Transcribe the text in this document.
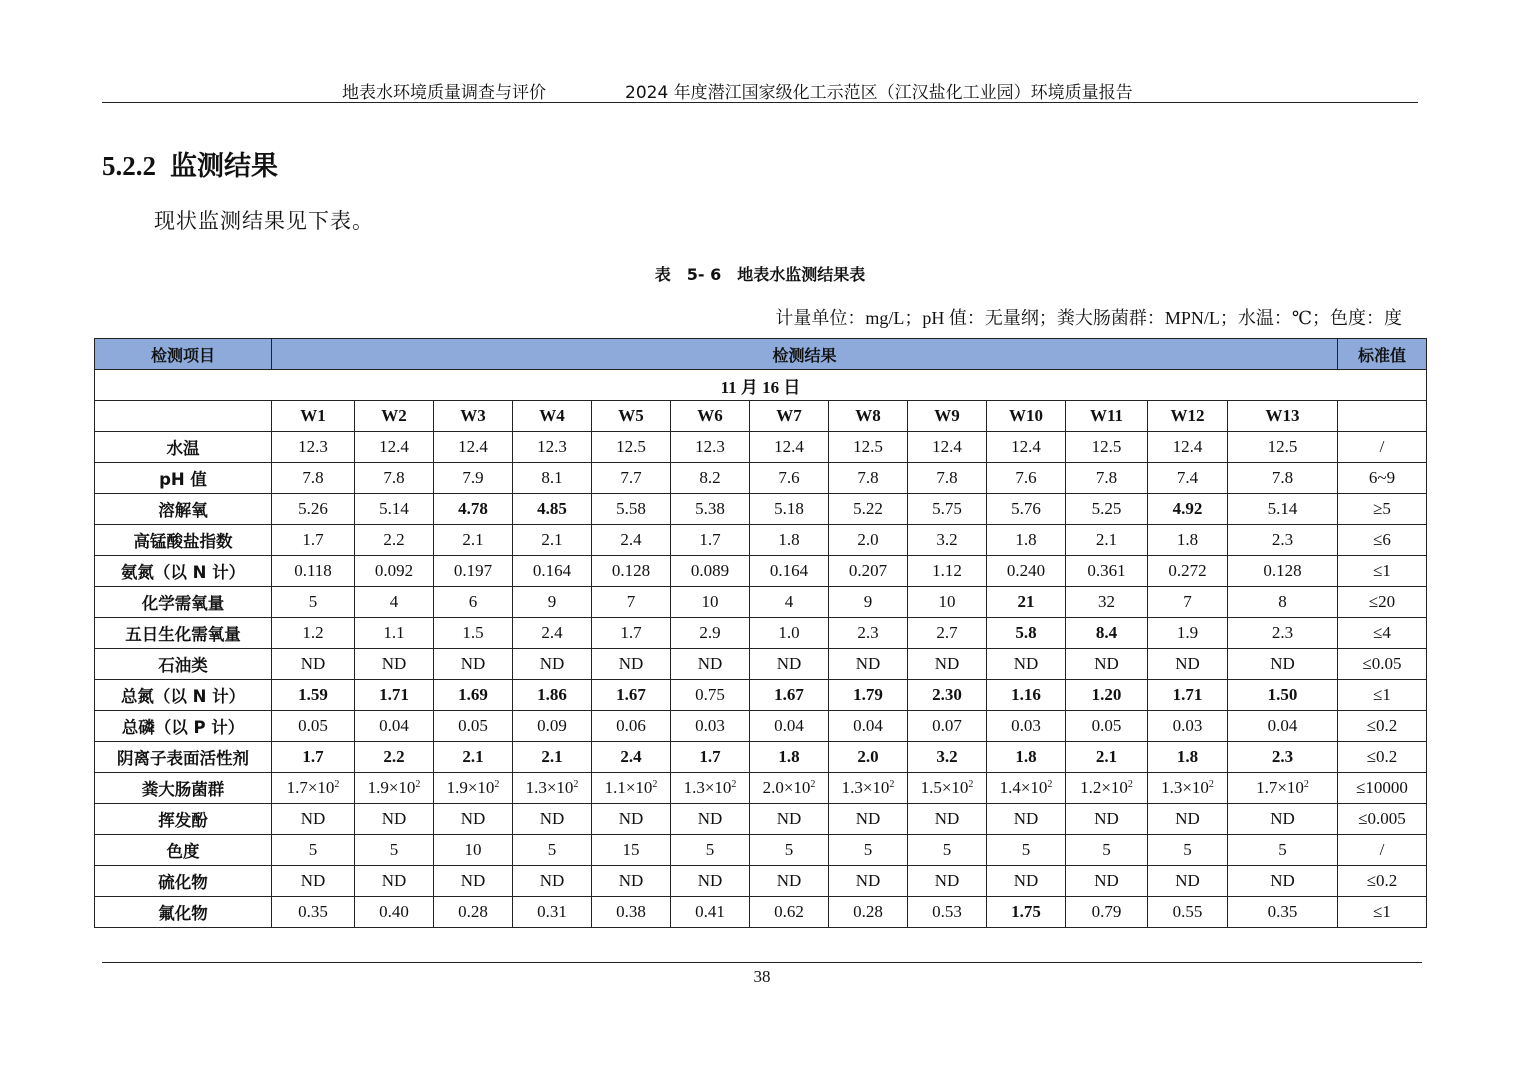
地表水环境质量调查与评价	2024 年度潜江国家级化工示范区（江汉盐化工业园）环境质量报告
5.2.2 监测结果
现状监测结果见下表。
表　5- 6　地表水监测结果表
计量单位：mg/L；pH 值：无量纲；粪大肠菌群：MPN/L；水温：℃；色度：度
检测项目	检测结果													标准值
11 月 16 日														
	W1	W2	W3	W4	W5	W6	W7	W8	W9	W10	W11	W12	W13	
水温	12.3	12.4	12.4	12.3	12.5	12.3	12.4	12.5	12.4	12.4	12.5	12.4	12.5	/
pH 值	7.8	7.8	7.9	8.1	7.7	8.2	7.6	7.8	7.8	7.6	7.8	7.4	7.8	6~9
溶解氧	5.26	5.14	4.78	4.85	5.58	5.38	5.18	5.22	5.75	5.76	5.25	4.92	5.14	≥5
高锰酸盐指数	1.7	2.2	2.1	2.1	2.4	1.7	1.8	2.0	3.2	1.8	2.1	1.8	2.3	≤6
氨氮（以 N 计）	0.118	0.092	0.197	0.164	0.128	0.089	0.164	0.207	1.12	0.240	0.361	0.272	0.128	≤1
化学需氧量	5	4	6	9	7	10	4	9	10	21	32	7	8	≤20
五日生化需氧量	1.2	1.1	1.5	2.4	1.7	2.9	1.0	2.3	2.7	5.8	8.4	1.9	2.3	≤4
石油类	ND	ND	ND	ND	ND	ND	ND	ND	ND	ND	ND	ND	ND	≤0.05
总氮（以 N 计）	1.59	1.71	1.69	1.86	1.67	0.75	1.67	1.79	2.30	1.16	1.20	1.71	1.50	≤1
总磷（以 P 计）	0.05	0.04	0.05	0.09	0.06	0.03	0.04	0.04	0.07	0.03	0.05	0.03	0.04	≤0.2
阴离子表面活性剂	1.7	2.2	2.1	2.1	2.4	1.7	1.8	2.0	3.2	1.8	2.1	1.8	2.3	≤0.2
粪大肠菌群	$1.7\times 10^2$	$1.9\times 10^2$	$1.9\times 10^2$	$1.3\times 10^2$	$1.1\times 10^2$	$1.3\times 10^2$	$2.0\times 10^2$	$1.3\times 10^2$	$1.5\times 10^2$	$1.4\times 10^2$	$1.2\times 10^2$	$1.3\times 10^2$	$1.7\times 10^2$	≤10000
挥发酚	ND	ND	ND	ND	ND	ND	ND	ND	ND	ND	ND	ND	ND	≤0.005
色度	5	5	10	5	15	5	5	5	5	5	5	5	5	/
硫化物	ND	ND	ND	ND	ND	ND	ND	ND	ND	ND	ND	ND	ND	≤0.2
氟化物	0.35	0.40	0.28	0.31	0.38	0.41	0.62	0.28	0.53	1.75	0.79	0.55	0.35	≤1
38
